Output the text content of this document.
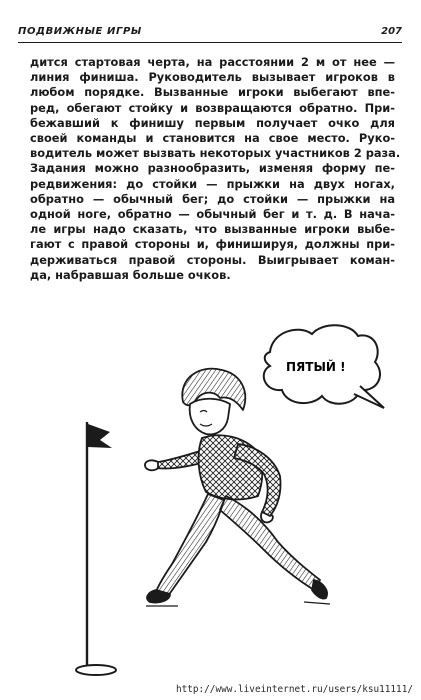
ПОДВИЖНЫЕ ИГРЫ	207
дится стартовая черта, на расстоянии 2 м от нее —
линия финиша. Руководитель вызывает игроков в
любом порядке. Вызванные игроки выбегают впе-
ред, обегают стойку и возвращаются обратно. При-
бежавший к финишу первым получает очко для
своей команды и становится на свое место. Руко-
водитель может вызвать некоторых участников 2 раза.
Задания можно разнообразить, изменяя форму пе-
редвижения: до стойки — прыжки на двух ногах,
обратно — обычный бег; до стойки — прыжки на
одной ноге, обратно — обычный бег и т. д. В нача-
ле игры надо сказать, что вызванные игроки выбе-
гают с правой стороны и, финишируя, должны при-
держиваться правой стороны. Выигрывает коман-
да, набравшая больше очков.
ПЯТЫЙ !
http://www.liveinternet.ru/users/ksu11111/
